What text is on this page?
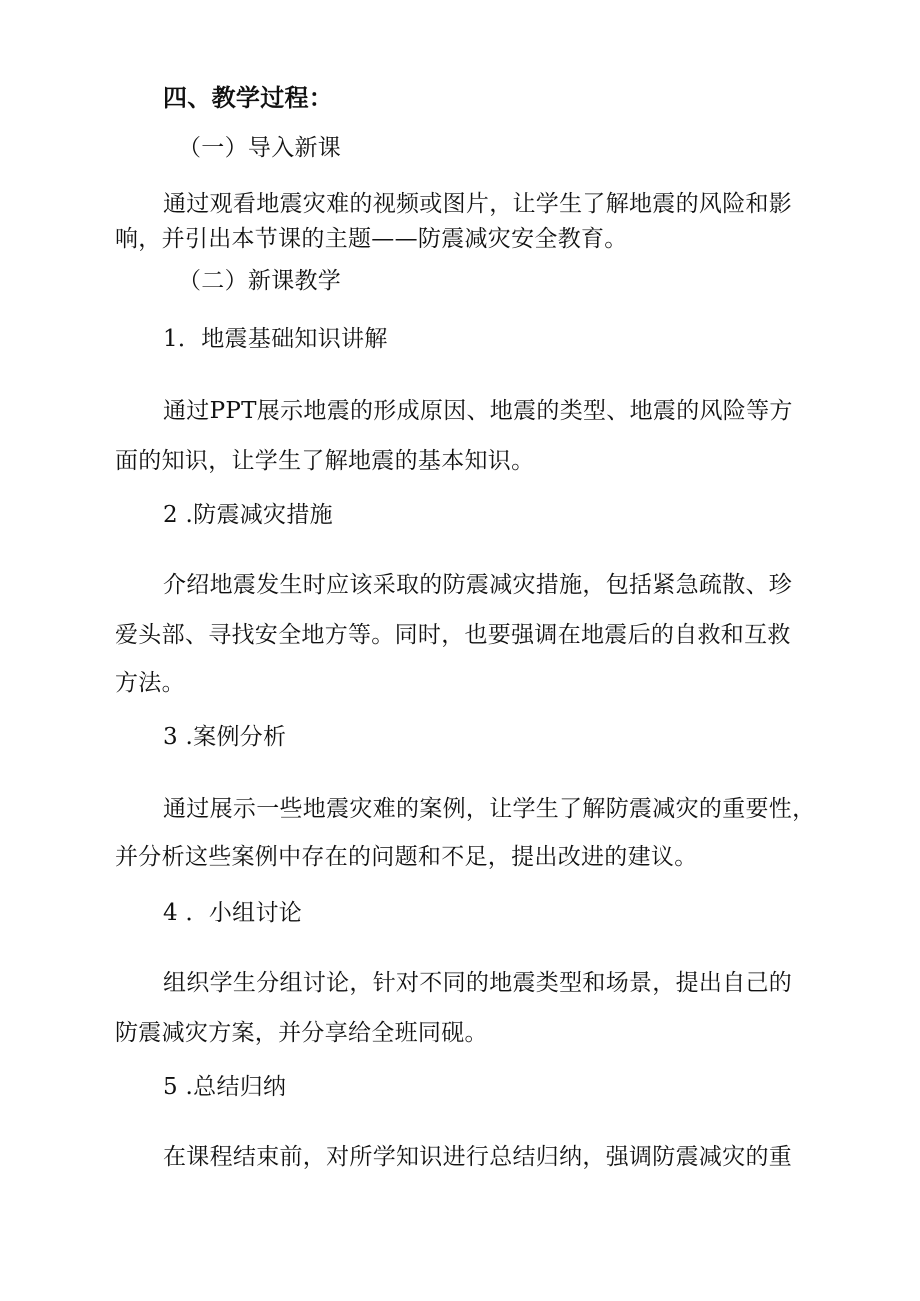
四、教学过程：
（一）导入新课
通过观看地震灾难的视频或图片，让学生了解地震的风险和影
响，并引出本节课的主题——防震减灾安全教育。
（二）新课教学
1．地震基础知识讲解
通过PPT展示地震的形成原因、地震的类型、地震的风险等方
面的知识，让学生了解地震的基本知识。
2 .防震减灾措施
介绍地震发生时应该采取的防震减灾措施，包括紧急疏散、珍
爱头部、寻找安全地方等。同时，也要强调在地震后的自救和互救
方法。
3 .案例分析
通过展示一些地震灾难的案例，让学生了解防震减灾的重要性，
并分析这些案例中存在的问题和不足，提出改进的建议。
4 ．小组讨论
组织学生分组讨论，针对不同的地震类型和场景，提出自己的
防震减灾方案，并分享给全班同砚。
5 .总结归纳
在课程结束前，对所学知识进行总结归纳，强调防震减灾的重
